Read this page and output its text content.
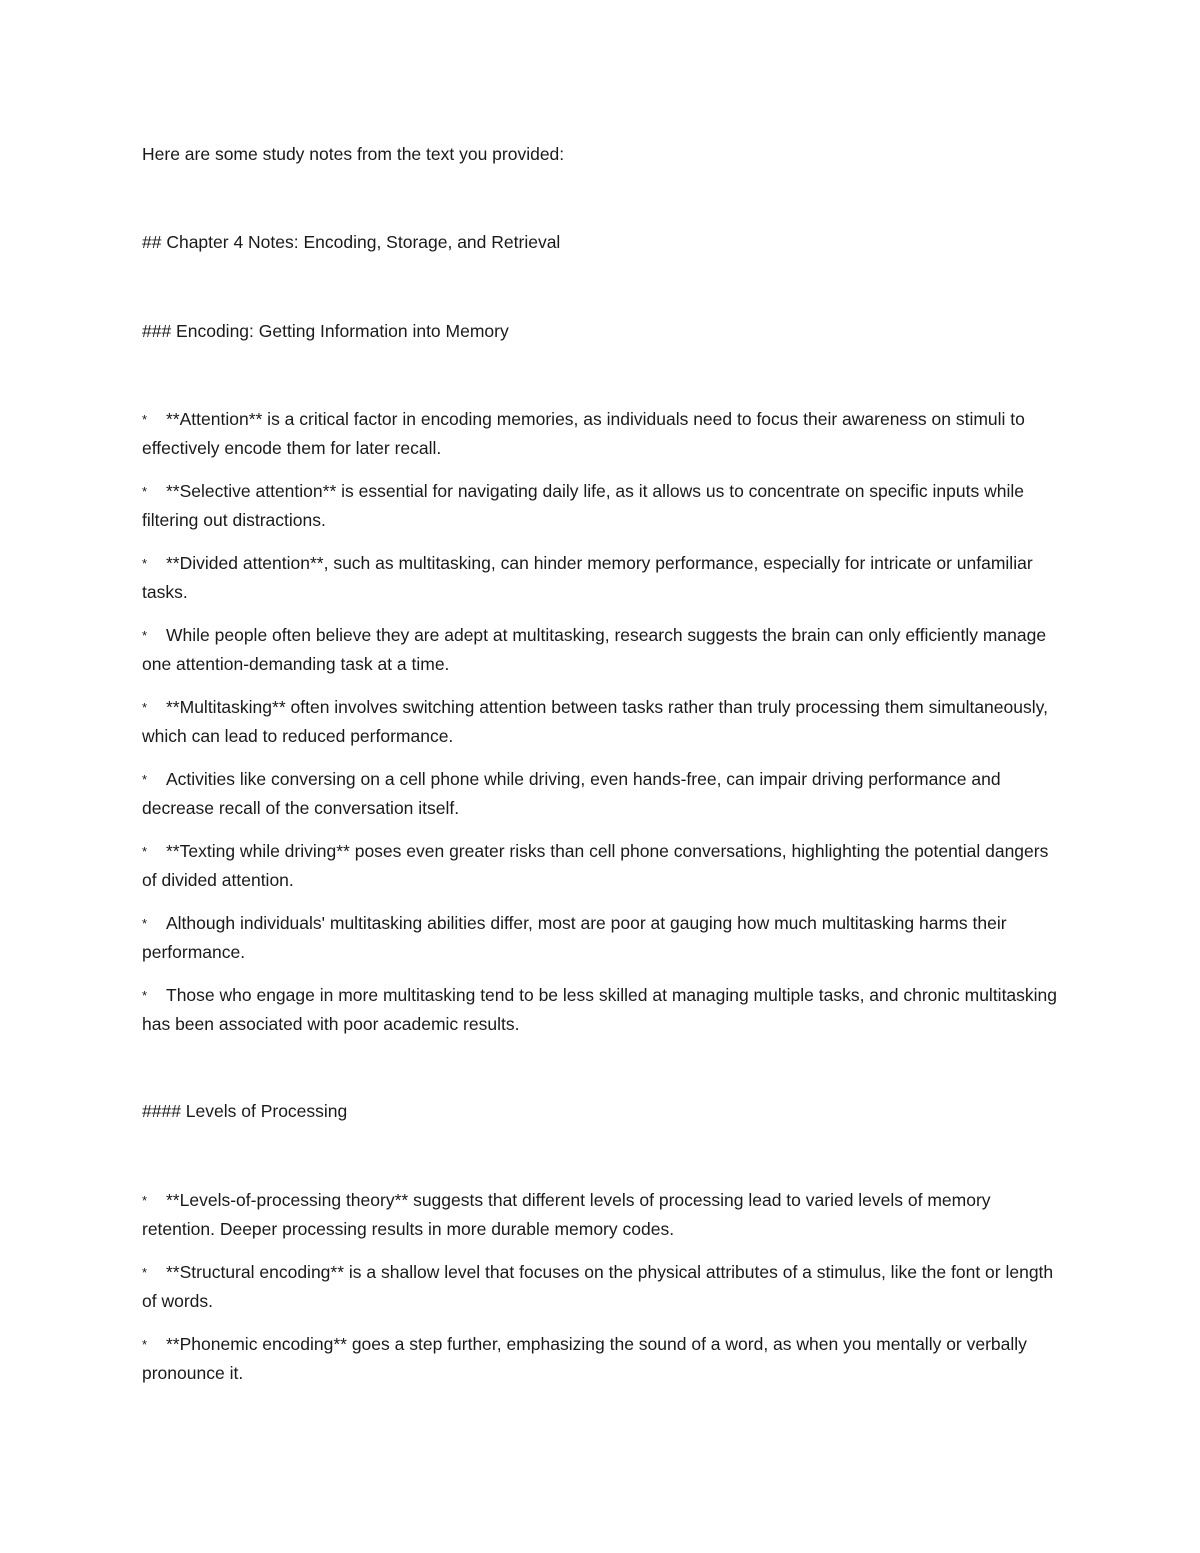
Here are some study notes from the text you provided:

## Chapter 4 Notes: Encoding, Storage, and Retrieval

### Encoding: Getting Information into Memory

* **Attention** is a critical factor in encoding memories, as individuals need to focus their awareness on stimuli to effectively encode them for later recall.
* **Selective attention** is essential for navigating daily life, as it allows us to concentrate on specific inputs while filtering out distractions.
* **Divided attention**, such as multitasking, can hinder memory performance, especially for intricate or unfamiliar tasks.
* While people often believe they are adept at multitasking, research suggests the brain can only efficiently manage one attention-demanding task at a time.
* **Multitasking** often involves switching attention between tasks rather than truly processing them simultaneously, which can lead to reduced performance.
* Activities like conversing on a cell phone while driving, even hands-free, can impair driving performance and decrease recall of the conversation itself.
* **Texting while driving** poses even greater risks than cell phone conversations, highlighting the potential dangers of divided attention.
* Although individuals' multitasking abilities differ, most are poor at gauging how much multitasking harms their performance.
* Those who engage in more multitasking tend to be less skilled at managing multiple tasks, and chronic multitasking has been associated with poor academic results.

#### Levels of Processing

* **Levels-of-processing theory** suggests that different levels of processing lead to varied levels of memory retention. Deeper processing results in more durable memory codes.
* **Structural encoding** is a shallow level that focuses on the physical attributes of a stimulus, like the font or length of words.
* **Phonemic encoding** goes a step further, emphasizing the sound of a word, as when you mentally or verbally pronounce it.
